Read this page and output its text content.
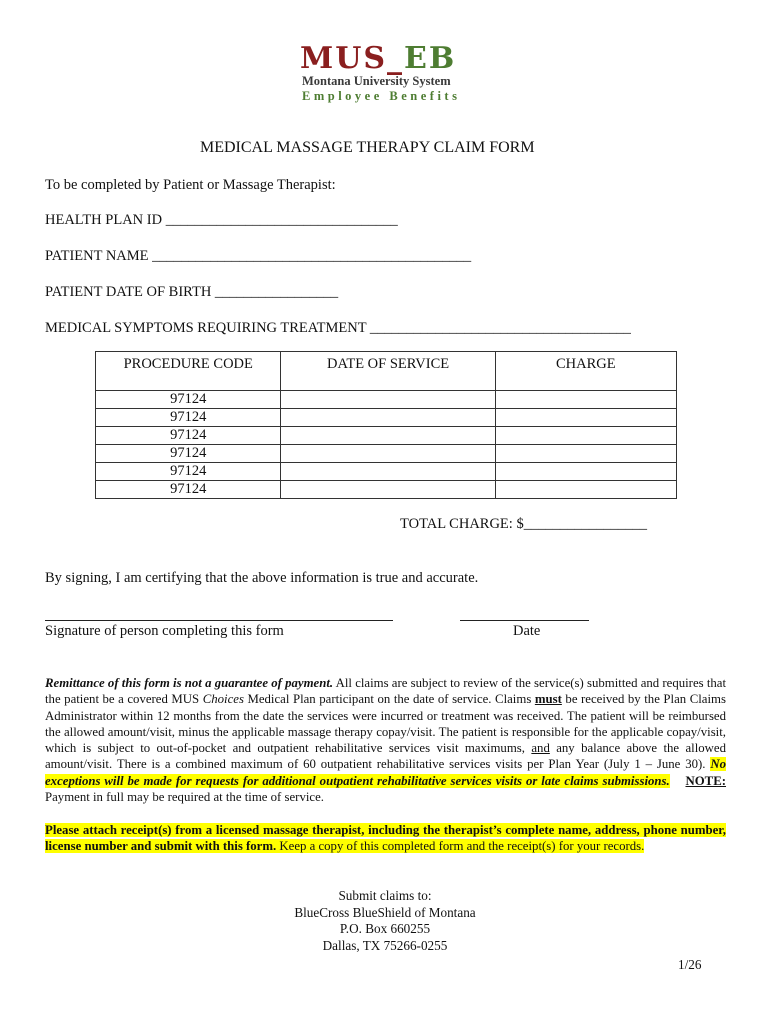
MUS_EB
Montana University System
Employee Benefits
MEDICAL MASSAGE THERAPY CLAIM FORM
To be completed by Patient or Massage Therapist:
HEALTH PLAN ID ________________________________
PATIENT NAME ____________________________________________
PATIENT DATE OF BIRTH _________________
MEDICAL SYMPTOMS REQUIRING TREATMENT ____________________________________
PROCEDURE CODE	DATE OF SERVICE	CHARGE
97124		
97124		
97124		
97124		
97124		
97124		
TOTAL CHARGE: $_________________
By signing, I am certifying that the above information is true and accurate.
Signature of person completing this form	Date
Remittance of this form is not a guarantee of payment. All claims are subject to review of the service(s) submitted and requires that the patient be a covered MUS Choices Medical Plan participant on the date of service. Claims must be received by the Plan Claims Administrator within 12 months from the date the services were incurred or treatment was received. The patient will be reimbursed the allowed amount/visit, minus the applicable massage therapy copay/visit. The patient is responsible for the applicable copay/visit, which is subject to out-of-pocket and outpatient rehabilitative services visit maximums, and any balance above the allowed amount/visit. There is a combined maximum of 60 outpatient rehabilitative services visits per Plan Year (July 1 – June 30). No exceptions will be made for requests for additional outpatient rehabilitative services visits or late claims submissions. NOTE: Payment in full may be required at the time of service.
Please attach receipt(s) from a licensed massage therapist, including the therapist’s complete name, address, phone number, license number and submit with this form. Keep a copy of this completed form and the receipt(s) for your records.
Submit claims to:
BlueCross BlueShield of Montana
P.O. Box 660255
Dallas, TX 75266-0255
1/26
